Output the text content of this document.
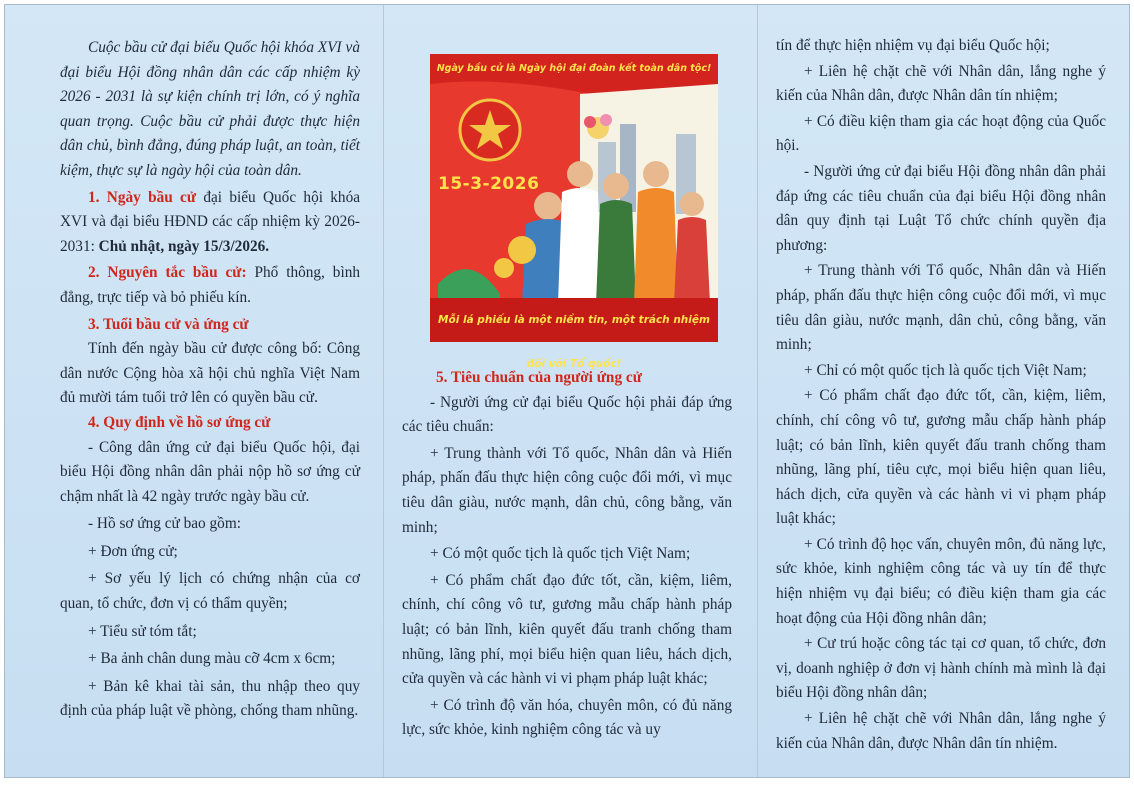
Cuộc bầu cử đại biểu Quốc hội khóa XVI và đại biểu Hội đồng nhân dân các cấp nhiệm kỳ 2026 - 2031 là sự kiện chính trị lớn, có ý nghĩa quan trọng. Cuộc bầu cử phải được thực hiện dân chủ, bình đẳng, đúng pháp luật, an toàn, tiết kiệm, thực sự là ngày hội của toàn dân.

1. Ngày bầu cử đại biểu Quốc hội khóa XVI và đại biểu HĐND các cấp nhiệm kỳ 2026-2031: Chủ nhật, ngày 15/3/2026.

2. Nguyên tắc bầu cử: Phổ thông, bình đẳng, trực tiếp và bỏ phiếu kín.

3. Tuổi bầu cử và ứng cử

Tính đến ngày bầu cử được công bố: Công dân nước Cộng hòa xã hội chủ nghĩa Việt Nam đủ mười tám tuổi trở lên có quyền bầu cử.

4. Quy định về hồ sơ ứng cử

- Công dân ứng cử đại biểu Quốc hội, đại biểu Hội đồng nhân dân phải nộp hồ sơ ứng cử chậm nhất là 42 ngày trước ngày bầu cử.

- Hồ sơ ứng cử bao gồm:

+ Đơn ứng cử;

+ Sơ yếu lý lịch có chứng nhận của cơ quan, tổ chức, đơn vị có thẩm quyền;

+ Tiểu sử tóm tắt;

+ Ba ảnh chân dung màu cỡ 4cm x 6cm;

+ Bản kê khai tài sản, thu nhập theo quy định của pháp luật về phòng, chống tham nhũng.

Ngày bầu cử là Ngày hội đại đoàn kết toàn dân tộc!
15-3-2026
Mỗi lá phiếu là một niềm tin, một trách nhiệm đối với Tổ quốc!

5. Tiêu chuẩn của người ứng cử

- Người ứng cử đại biểu Quốc hội phải đáp ứng các tiêu chuẩn:

+ Trung thành với Tổ quốc, Nhân dân và Hiến pháp, phấn đấu thực hiện công cuộc đổi mới, vì mục tiêu dân giàu, nước mạnh, dân chủ, công bằng, văn minh;

+ Có một quốc tịch là quốc tịch Việt Nam;

+ Có phẩm chất đạo đức tốt, cần, kiệm, liêm, chính, chí công vô tư, gương mẫu chấp hành pháp luật; có bản lĩnh, kiên quyết đấu tranh chống tham nhũng, lãng phí, mọi biểu hiện quan liêu, hách dịch, cửa quyền và các hành vi vi phạm pháp luật khác;

+ Có trình độ văn hóa, chuyên môn, có đủ năng lực, sức khỏe, kinh nghiệm công tác và uy

tín để thực hiện nhiệm vụ đại biểu Quốc hội;

+ Liên hệ chặt chẽ với Nhân dân, lắng nghe ý kiến của Nhân dân, được Nhân dân tín nhiệm;

+ Có điều kiện tham gia các hoạt động của Quốc hội.

- Người ứng cử đại biểu Hội đồng nhân dân phải đáp ứng các tiêu chuẩn của đại biểu Hội đồng nhân dân quy định tại Luật Tổ chức chính quyền địa phương:

+ Trung thành với Tổ quốc, Nhân dân và Hiến pháp, phấn đấu thực hiện công cuộc đổi mới, vì mục tiêu dân giàu, nước mạnh, dân chủ, công bằng, văn minh;

+ Chỉ có một quốc tịch là quốc tịch Việt Nam;

+ Có phẩm chất đạo đức tốt, cần, kiệm, liêm, chính, chí công vô tư, gương mẫu chấp hành pháp luật; có bản lĩnh, kiên quyết đấu tranh chống tham nhũng, lãng phí, tiêu cực, mọi biểu hiện quan liêu, hách dịch, cửa quyền và các hành vi vi phạm pháp luật khác;

+ Có trình độ học vấn, chuyên môn, đủ năng lực, sức khỏe, kinh nghiệm công tác và uy tín để thực hiện nhiệm vụ đại biểu; có điều kiện tham gia các hoạt động của Hội đồng nhân dân;

+ Cư trú hoặc công tác tại cơ quan, tổ chức, đơn vị, doanh nghiệp ở đơn vị hành chính mà mình là đại biểu Hội đồng nhân dân;

+ Liên hệ chặt chẽ với Nhân dân, lắng nghe ý kiến của Nhân dân, được Nhân dân tín nhiệm.
